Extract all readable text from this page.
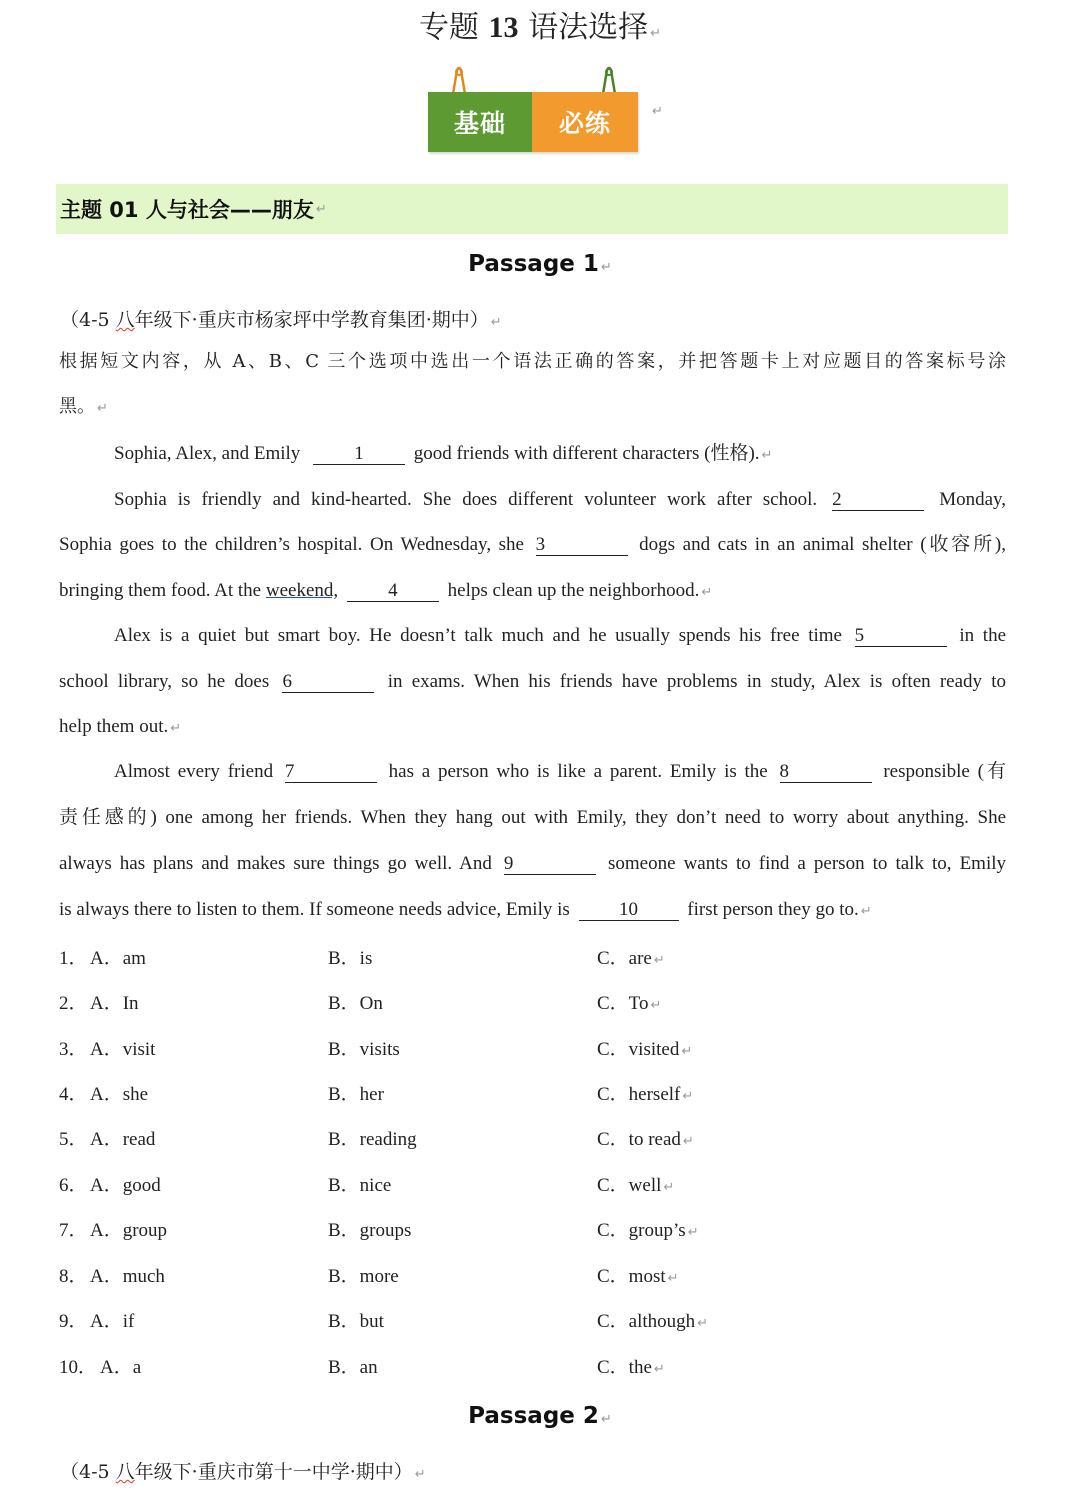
专题 13 语法选择 ↵
基础	必练	↵
主题 01 人与社会——朋友 ↵
Passage 1 ↵
（4-5 八年级下·重庆市杨家坪中学教育集团·期中） ↵
根据短文内容，从 A、B、C 三个选项中选出一个语法正确的答案，并把答题卡上对应题目的答案标号涂
黑。 ↵
Sophia, Alex, and Emily	1	good friends with different characters (性格). ↵
Sophia is friendly and kind-hearted. She does different volunteer work after school. 2	Monday,
Sophia goes to the children’s hospital. On Wednesday, she 3	dogs and cats in an animal shelter (收容所),
bringing them food. At the weekend,	4	helps clean up the neighborhood. ↵
Alex is a quiet but smart boy. He doesn’t talk much and he usually spends his free time 5	in the
school library, so he does 6	in exams. When his friends have problems in study, Alex is often ready to
help them out. ↵
Almost every friend 7	has a person who is like a parent. Emily is the 8	responsible (有
责任感的) one among her friends. When they hang out with Emily, they don’t need to worry about anything. She
always has plans and makes sure things go well. And 9	someone wants to find a person to talk to, Emily
is always there to listen to them. If someone needs advice, Emily is	10	first person they go to. ↵
1． A．am	B．is	C．are ↵
2． A．In	B．On	C．To ↵
3． A．visit	B．visits	C．visited ↵
4． A．she	B．her	C．herself ↵
5． A．read	B．reading	C．to read ↵
6． A．good	B．nice	C．well ↵
7． A．group	B．groups	C．group’s ↵
8． A．much	B．more	C．most ↵
9． A．if	B．but	C．although ↵
10． A．a	B．an	C．the ↵
Passage 2 ↵
（4-5 八年级下·重庆市第十一中学·期中） ↵
